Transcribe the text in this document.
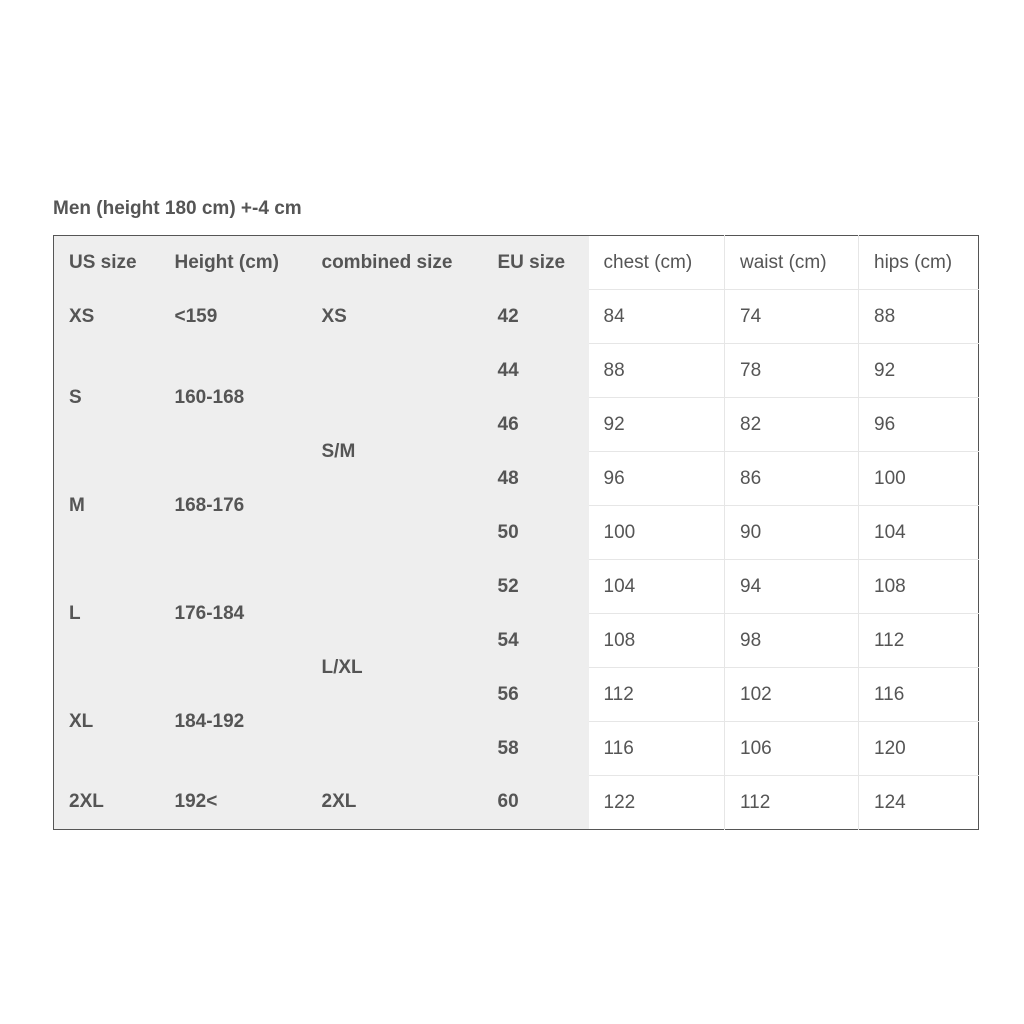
Men (height 180 cm) +-4 cm
US size	Height (cm)	combined size	EU size	chest (cm)	waist (cm)	hips (cm)
XS	<159	XS	42	84	74	88
S	160-168	S/M	44	88	78	92
			46	92	82	96
M	168-176		48	96	86	100
			50	100	90	104
L	176-184	L/XL	52	104	94	108
			54	108	98	112
XL	184-192		56	112	102	116
			58	116	106	120
2XL	192<	2XL	60	122	112	124
